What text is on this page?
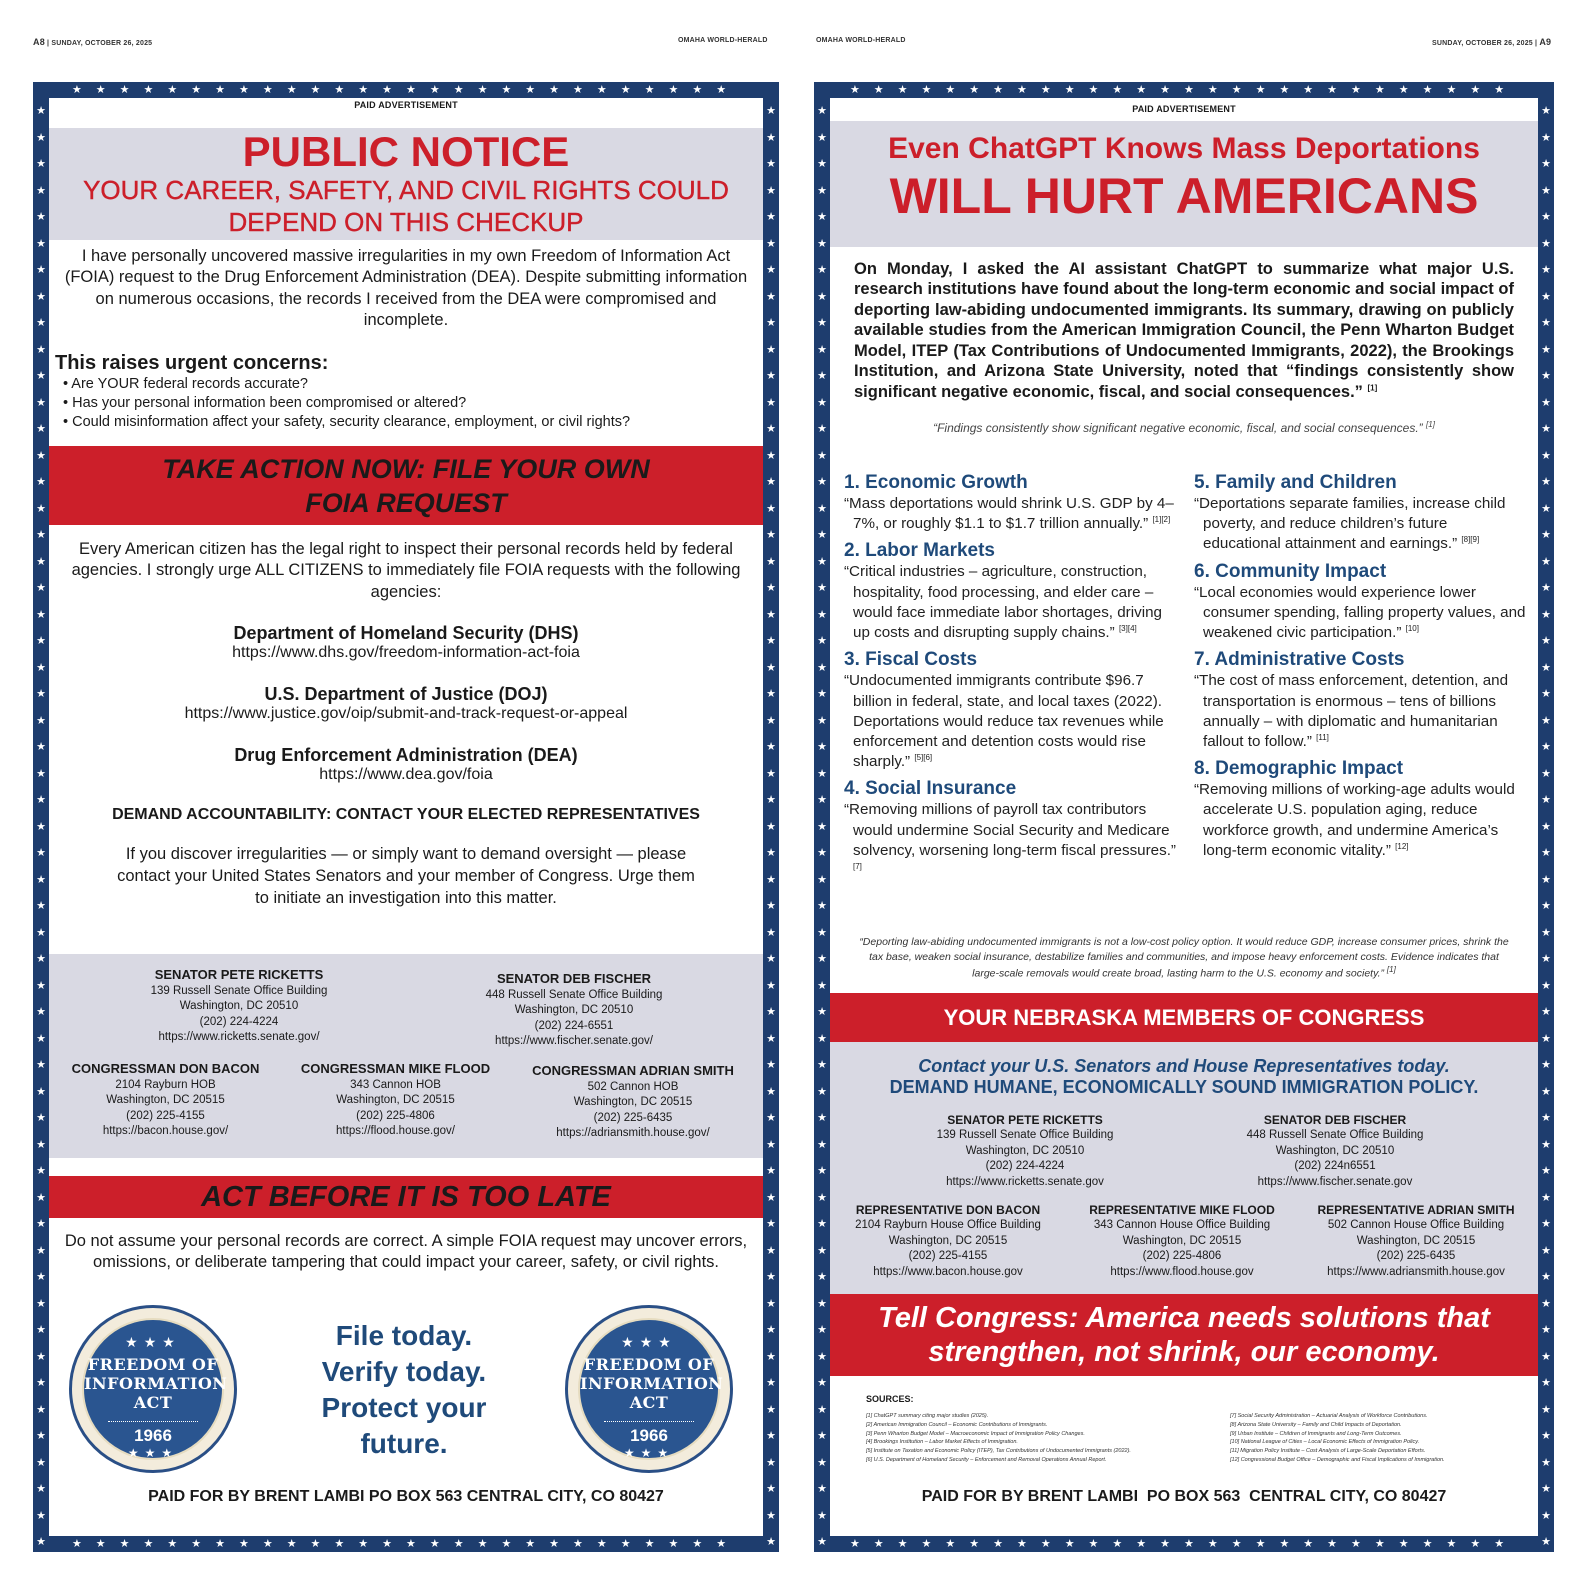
A8 | SUNDAY, OCTOBER 26, 2025	OMAHA WORLD-HERALD	OMAHA WORLD-HERALD	SUNDAY, OCTOBER 26, 2025 | A9
★★★★★★★★★★★★★★★★★★★★★★★★★★★★
★★★★★★★★★★★★★★★★★★★★★★★★★★★★
★ ★ ★ ★ ★ ★ ★ ★ ★ ★ ★ ★ ★ ★ ★ ★ ★ ★ ★ ★ ★ ★ ★ ★ ★ ★ ★ ★ ★ ★ ★ ★ ★ ★ ★ ★ ★ ★ ★ ★ ★ ★ ★ ★ ★ ★ ★ ★ ★ ★ ★ ★ ★ ★ ★
★ ★ ★ ★ ★ ★ ★ ★ ★ ★ ★ ★ ★ ★ ★ ★ ★ ★ ★ ★ ★ ★ ★ ★ ★ ★ ★ ★ ★ ★ ★ ★ ★ ★ ★ ★ ★ ★ ★ ★ ★ ★ ★ ★ ★ ★ ★ ★ ★ ★ ★ ★ ★ ★ ★
PAID ADVERTISEMENT
PUBLIC NOTICE
YOUR CAREER, SAFETY, AND CIVIL RIGHTS COULD DEPEND ON THIS CHECKUP

I have personally uncovered massive irregularities in my own Freedom of Information Act (FOIA) request to the Drug Enforcement Administration (DEA). Despite submitting information on numerous occasions, the records I received from the DEA were compromised and incomplete.

This raises urgent concerns:
• Are YOUR federal records accurate?
• Has your personal information been compromised or altered?
• Could misinformation affect your safety, security clearance, employment, or civil rights?
TAKE ACTION NOW: FILE YOUR OWN
FOIA REQUEST

Every American citizen has the legal right to inspect their personal records held by federal agencies. I strongly urge ALL CITIZENS to immediately file FOIA requests with the following agencies:

Department of Homeland Security (DHS)
https://www.dhs.gov/freedom-information-act-foia
U.S. Department of Justice (DOJ)
https://www.justice.gov/oip/submit-and-track-request-or-appeal
Drug Enforcement Administration (DEA)
https://www.dea.gov/foia
DEMAND ACCOUNTABILITY: CONTACT YOUR ELECTED REPRESENTATIVES

If you discover irregularities — or simply want to demand oversight — please contact your United States Senators and your member of Congress. Urge them to initiate an investigation into this matter.

SENATOR PETE RICKETTS
139 Russell Senate Office Building
Washington, DC 20510
(202) 224-4224
https://www.ricketts.senate.gov/
SENATOR DEB FISCHER
448 Russell Senate Office Building
Washington, DC 20510
(202) 224-6551
https://www.fischer.senate.gov/
CONGRESSMAN DON BACON
2104 Rayburn HOB
Washington, DC 20515
(202) 225-4155
https://bacon.house.gov/
CONGRESSMAN MIKE FLOOD
343 Cannon HOB
Washington, DC 20515
(202) 225-4806
https://flood.house.gov/
CONGRESSMAN ADRIAN SMITH
502 Cannon HOB
Washington, DC 20515
(202) 225-6435
https://adriansmith.house.gov/
ACT BEFORE IT IS TOO LATE

Do not assume your personal records are correct. A simple FOIA request may uncover errors, omissions, or deliberate tampering that could impact your career, safety, or civil rights.

★★★
FREEDOM OF
INFORMATION ACT
1966
★★★
File today.
Verify today.
Protect your
future.
★★★
FREEDOM OF
INFORMATION ACT
1966
★★★
PAID FOR BY BRENT LAMBI PO BOX 563 CENTRAL CITY, CO 80427
★★★★★★★★★★★★★★★★★★★★★★★★★★★★
★★★★★★★★★★★★★★★★★★★★★★★★★★★★
★ ★ ★ ★ ★ ★ ★ ★ ★ ★ ★ ★ ★ ★ ★ ★ ★ ★ ★ ★ ★ ★ ★ ★ ★ ★ ★ ★ ★ ★ ★ ★ ★ ★ ★ ★ ★ ★ ★ ★ ★ ★ ★ ★ ★ ★ ★ ★ ★ ★ ★ ★ ★ ★ ★
★ ★ ★ ★ ★ ★ ★ ★ ★ ★ ★ ★ ★ ★ ★ ★ ★ ★ ★ ★ ★ ★ ★ ★ ★ ★ ★ ★ ★ ★ ★ ★ ★ ★ ★ ★ ★ ★ ★ ★ ★ ★ ★ ★ ★ ★ ★ ★ ★ ★ ★ ★ ★ ★ ★
PAID ADVERTISEMENT
Even ChatGPT Knows Mass Deportations
WILL HURT AMERICANS

On Monday, I asked the AI assistant ChatGPT to summarize what major U.S. research institutions have found about the long-term economic and social impact of deporting law-abiding undocumented immigrants. Its summary, drawing on publicly available studies from the American Immigration Council, the Penn Wharton Budget Model, ITEP (Tax Contributions of Undocumented Immigrants, 2022), the Brookings Institution, and Arizona State University, noted that “findings consistently show significant negative economic, fiscal, and social consequences.” [1]

“Findings consistently show significant negative economic, fiscal, and social consequences.” [1]
1. Economic Growth

“Mass deportations would shrink U.S. GDP by 4–7%, or roughly $1.1 to $1.7 trillion annually.” [1][2]

2. Labor Markets

“Critical industries – agriculture, construction, hospitality, food processing, and elder care – would face immediate labor shortages, driving up costs and disrupting supply chains.” [3][4]

3. Fiscal Costs

“Undocumented immigrants contribute $96.7 billion in federal, state, and local taxes (2022). Deportations would reduce tax revenues while enforcement and detention costs would rise sharply.” [5][6]

4. Social Insurance

“Removing millions of payroll tax contributors would undermine Social Security and Medicare solvency, worsening long-term fiscal pressures.” [7]

5. Family and Children

“Deportations separate families, increase child poverty, and reduce children’s future educational attainment and earnings.” [8][9]

6. Community Impact

“Local economies would experience lower consumer spending, falling property values, and weakened civic participation.” [10]

7. Administrative Costs

“The cost of mass enforcement, detention, and transportation is enormous – tens of billions annually – with diplomatic and humanitarian fallout to follow.” [11]

8. Demographic Impact

“Removing millions of working-age adults would accelerate U.S. population aging, reduce workforce growth, and undermine America’s long-term economic vitality.” [12]

“Deporting law-abiding undocumented immigrants is not a low-cost policy option. It would reduce GDP, increase consumer prices, shrink the tax base, weaken social insurance, destabilize families and communities, and impose heavy enforcement costs. Evidence indicates that large-scale removals would create broad, lasting harm to the U.S. economy and society.” [1]

YOUR NEBRASKA MEMBERS OF CONGRESS
Contact your U.S. Senators and House Representatives today.
DEMAND HUMANE, ECONOMICALLY SOUND IMMIGRATION POLICY.
SENATOR PETE RICKETTS
139 Russell Senate Office Building
Washington, DC 20510
(202) 224-4224
https://www.ricketts.senate.gov
SENATOR DEB FISCHER
448 Russell Senate Office Building
Washington, DC 20510
(202) 224n6551
https://www.fischer.senate.gov
REPRESENTATIVE DON BACON
2104 Rayburn House Office Building
Washington, DC 20515
(202) 225-4155
https://www.bacon.house.gov
REPRESENTATIVE MIKE FLOOD
343 Cannon House Office Building
Washington, DC 20515
(202) 225-4806
https://www.flood.house.gov
REPRESENTATIVE ADRIAN SMITH
502 Cannon House Office Building
Washington, DC 20515
(202) 225-6435
https://www.adriansmith.house.gov
Tell Congress: America needs solutions that
strengthen, not shrink, our economy.
SOURCES:
[1] ChatGPT summary citing major studies (2025).
[2] American Immigration Council – Economic Contributions of Immigrants.
[3] Penn Wharton Budget Model – Macroeconomic Impact of Immigration Policy Changes.
[4] Brookings Institution – Labor Market Effects of Immigration.
[5] Institute on Taxation and Economic Policy (ITEP), Tax Contributions of Undocumented Immigrants (2022).
[6] U.S. Department of Homeland Security – Enforcement and Removal Operations Annual Report.
[7] Social Security Administration – Actuarial Analysis of Workforce Contributions.
[8] Arizona State University – Family and Child Impacts of Deportation.
[9] Urban Institute – Children of Immigrants and Long-Term Outcomes.
[10] National League of Cities – Local Economic Effects of Immigration Policy.
[11] Migration Policy Institute – Cost Analysis of Large-Scale Deportation Efforts.
[12] Congressional Budget Office – Demographic and Fiscal Implications of Immigration.
PAID FOR BY BRENT LAMBI  PO BOX 563  CENTRAL CITY, CO 80427
